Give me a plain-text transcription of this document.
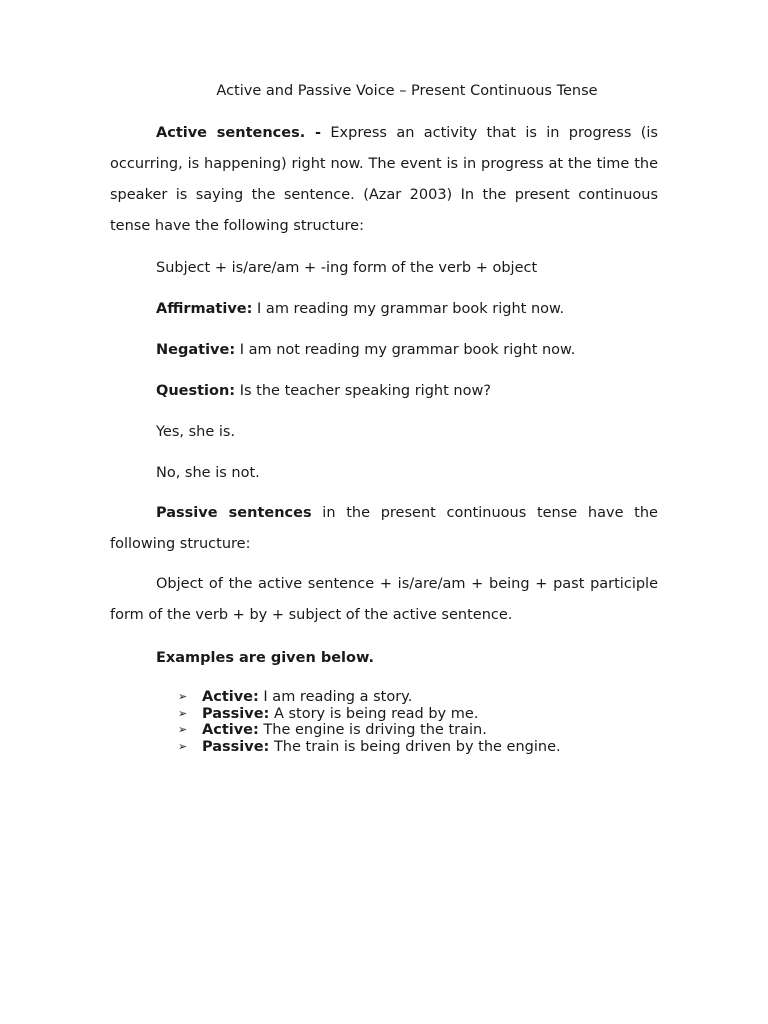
Active and Passive Voice – Present Continuous Tense

Active sentences. - Express an activity that is in progress (is occurring, is happening) right now. The event is in progress at the time the speaker is saying the sentence. (Azar 2003) In the present continuous tense have the following structure:

Subject + is/are/am + -ing form of the verb + object

Affirmative: I am reading my grammar book right now.

Negative: I am not reading my grammar book right now.

Question: Is the teacher speaking right now?

Yes, she is.

No, she is not.

Passive sentences in the present continuous tense have the following structure:

Object of the active sentence + is/are/am + being + past participle form of the verb + by + subject of the active sentence.

Examples are given below.

➢ Active: I am reading a story.
➢ Passive: A story is being read by me.
➢ Active: The engine is driving the train.
➢ Passive: The train is being driven by the engine.
